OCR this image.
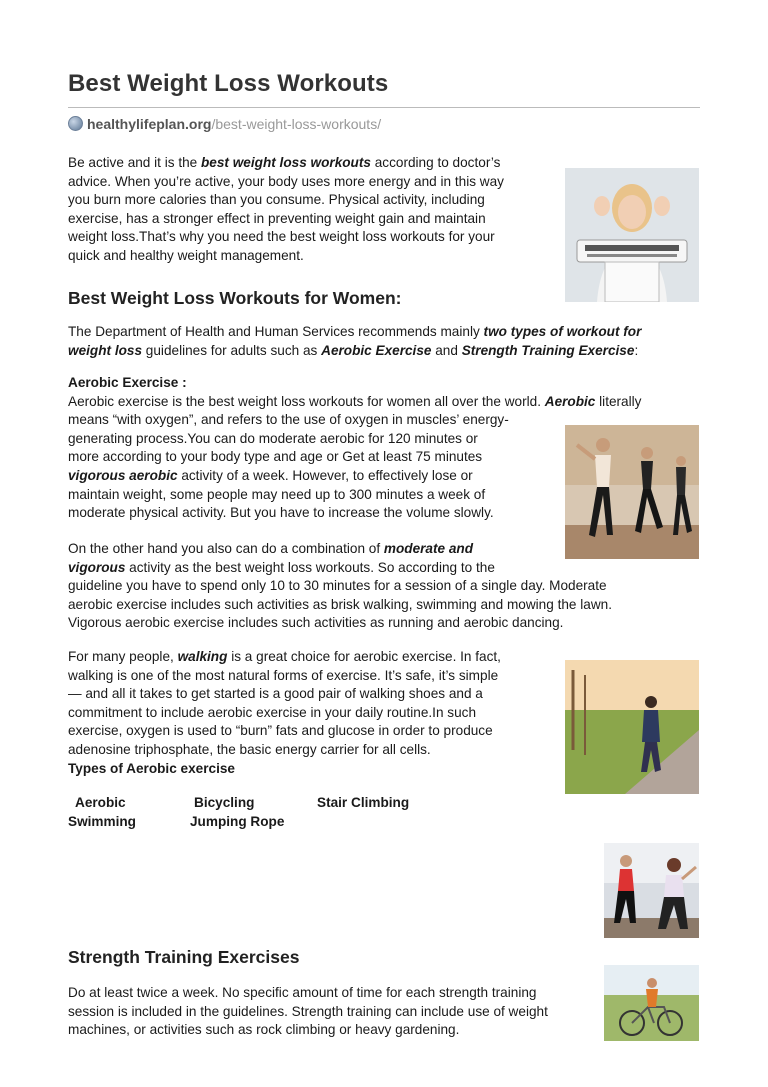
Best Weight Loss Workouts
healthylifeplan.org/best-weight-loss-workouts/
Be active and it is the best weight loss workouts according to doctor’s
advice. When you’re active, your body uses more energy and in this way
you burn more calories than you consume. Physical activity, including
exercise, has a stronger effect in preventing weight gain and maintain
weight loss.That’s why you need the best weight loss workouts for your
quick and healthy weight management.
Best Weight Loss Workouts for Women:
The Department of Health and Human Services recommends mainly two types of workout for
weight loss guidelines for adults such as Aerobic Exercise and Strength Training Exercise:
Aerobic Exercise :
Aerobic exercise is the best weight loss workouts for women all over the world. Aerobic literally
means “with oxygen”, and refers to the use of oxygen in muscles’ energy-
generating process.You can do moderate aerobic for 120 minutes or
more according to your body type and age or Get at least 75 minutes
vigorous aerobic activity of a week. However, to effectively lose or
maintain weight, some people may need up to 300 minutes a week of
moderate physical activity. But you have to increase the volume slowly.
On the other hand you also can do a combination of moderate and
vigorous activity as the best weight loss workouts. So according to the
guideline you have to spend only 10 to 30 minutes for a session of a single day. Moderate
aerobic exercise includes such activities as brisk walking, swimming and mowing the lawn.
Vigorous aerobic exercise includes such activities as running and aerobic dancing.
For many people, walking is a great choice for aerobic exercise. In fact,
walking is one of the most natural forms of exercise. It’s safe, it’s simple
— and all it takes to get started is a good pair of walking shoes and a
commitment to include aerobic exercise in your daily routine.In such
exercise, oxygen is used to “burn” fats and glucose in order to produce
adenosine triphosphate, the basic energy carrier for all cells.
Types of Aerobic exercise
Aerobic	Bicycling	Stair Climbing
Swimming	Jumping Rope
Strength Training Exercises
Do at least twice a week. No specific amount of time for each strength training
session is included in the guidelines. Strength training can include use of weight
machines, or activities such as rock climbing or heavy gardening.
